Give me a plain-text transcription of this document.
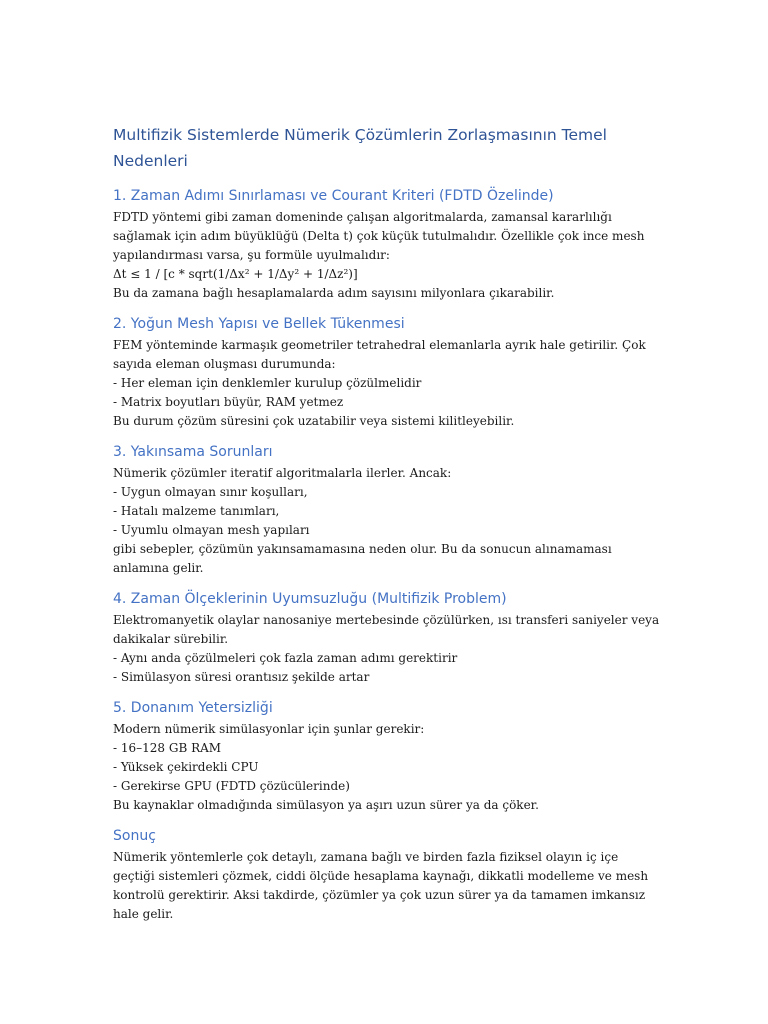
Multifizik Sistemlerde Nümerik Çözümlerin Zorlaşmasının Temel Nedenleri
1. Zaman Adımı Sınırlaması ve Courant Kriteri (FDTD Özelinde)

FDTD yöntemi gibi zaman domeninde çalışan algoritmalarda, zamansal kararlılığı sağlamak için adım büyüklüğü (Delta t) çok küçük tutulmalıdır. Özellikle çok ince mesh yapılandırması varsa, şu formüle uyulmalıdır:

Δt ≤ 1 / [c * sqrt(1/Δx² + 1/Δy² + 1/Δz²)]

Bu da zamana bağlı hesaplamalarda adım sayısını milyonlara çıkarabilir.

2. Yoğun Mesh Yapısı ve Bellek Tükenmesi

FEM yönteminde karmaşık geometriler tetrahedral elemanlarla ayrık hale getirilir. Çok sayıda eleman oluşması durumunda:

- Her eleman için denklemler kurulup çözülmelidir

- Matrix boyutları büyür, RAM yetmez

Bu durum çözüm süresini çok uzatabilir veya sistemi kilitleyebilir.

3. Yakınsama Sorunları

Nümerik çözümler iteratif algoritmalarla ilerler. Ancak:

- Uygun olmayan sınır koşulları,

- Hatalı malzeme tanımları,

- Uyumlu olmayan mesh yapıları

gibi sebepler, çözümün yakınsamamasına neden olur. Bu da sonucun alınamaması anlamına gelir.

4. Zaman Ölçeklerinin Uyumsuzluğu (Multifizik Problem)

Elektromanyetik olaylar nanosaniye mertebesinde çözülürken, ısı transferi saniyeler veya dakikalar sürebilir.

- Aynı anda çözülmeleri çok fazla zaman adımı gerektirir

- Simülasyon süresi orantısız şekilde artar

5. Donanım Yetersizliği

Modern nümerik simülasyonlar için şunlar gerekir:

- 16–128 GB RAM

- Yüksek çekirdekli CPU

- Gerekirse GPU (FDTD çözücülerinde)

Bu kaynaklar olmadığında simülasyon ya aşırı uzun sürer ya da çöker.

Sonuç

Nümerik yöntemlerle çok detaylı, zamana bağlı ve birden fazla fiziksel olayın iç içe geçtiği sistemleri çözmek, ciddi ölçüde hesaplama kaynağı, dikkatli modelleme ve mesh kontrolü gerektirir. Aksi takdirde, çözümler ya çok uzun sürer ya da tamamen imkansız hale gelir.
